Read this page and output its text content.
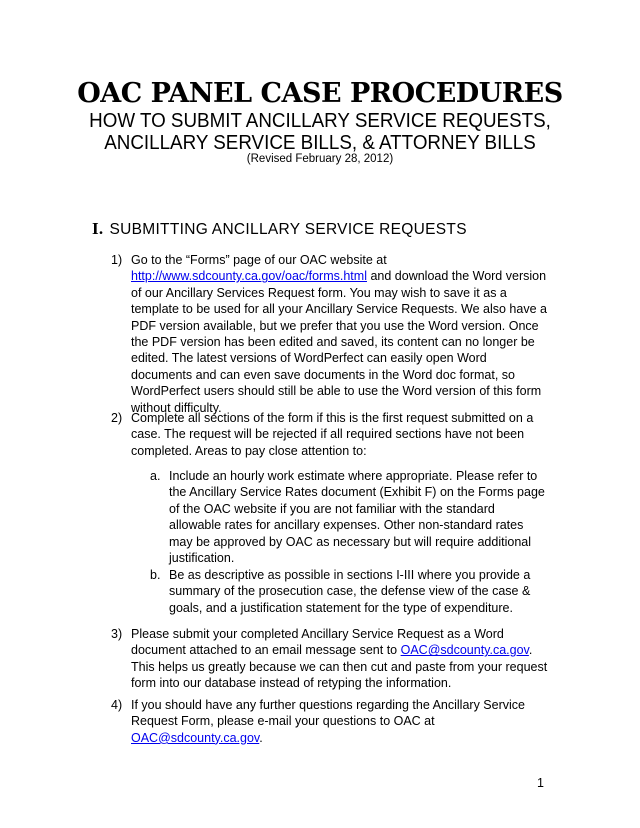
OAC PANEL CASE PROCEDURES
HOW TO SUBMIT ANCILLARY SERVICE REQUESTS,
ANCILLARY SERVICE BILLS, & ATTORNEY BILLS
(Revised February 28, 2012)
I. SUBMITTING ANCILLARY SERVICE REQUESTS
1) Go to the “Forms” page of our OAC website at http://www.sdcounty.ca.gov/oac/forms.html and download the Word version of our Ancillary Services Request form. You may wish to save it as a template to be used for all your Ancillary Service Requests. We also have a PDF version available, but we prefer that you use the Word version. Once the PDF version has been edited and saved, its content can no longer be edited. The latest versions of WordPerfect can easily open Word documents and can even save documents in the Word doc format, so WordPerfect users should still be able to use the Word version of this form without difficulty.
2) Complete all sections of the form if this is the first request submitted on a case. The request will be rejected if all required sections have not been completed. Areas to pay close attention to:
a. Include an hourly work estimate where appropriate. Please refer to the Ancillary Service Rates document (Exhibit F) on the Forms page of the OAC website if you are not familiar with the standard allowable rates for ancillary expenses. Other non-standard rates may be approved by OAC as necessary but will require additional justification.
b. Be as descriptive as possible in sections I-III where you provide a summary of the prosecution case, the defense view of the case & goals, and a justification statement for the type of expenditure.
3) Please submit your completed Ancillary Service Request as a Word document attached to an email message sent to OAC@sdcounty.ca.gov. This helps us greatly because we can then cut and paste from your request form into our database instead of retyping the information.
4) If you should have any further questions regarding the Ancillary Service Request Form, please e-mail your questions to OAC at OAC@sdcounty.ca.gov.
1
